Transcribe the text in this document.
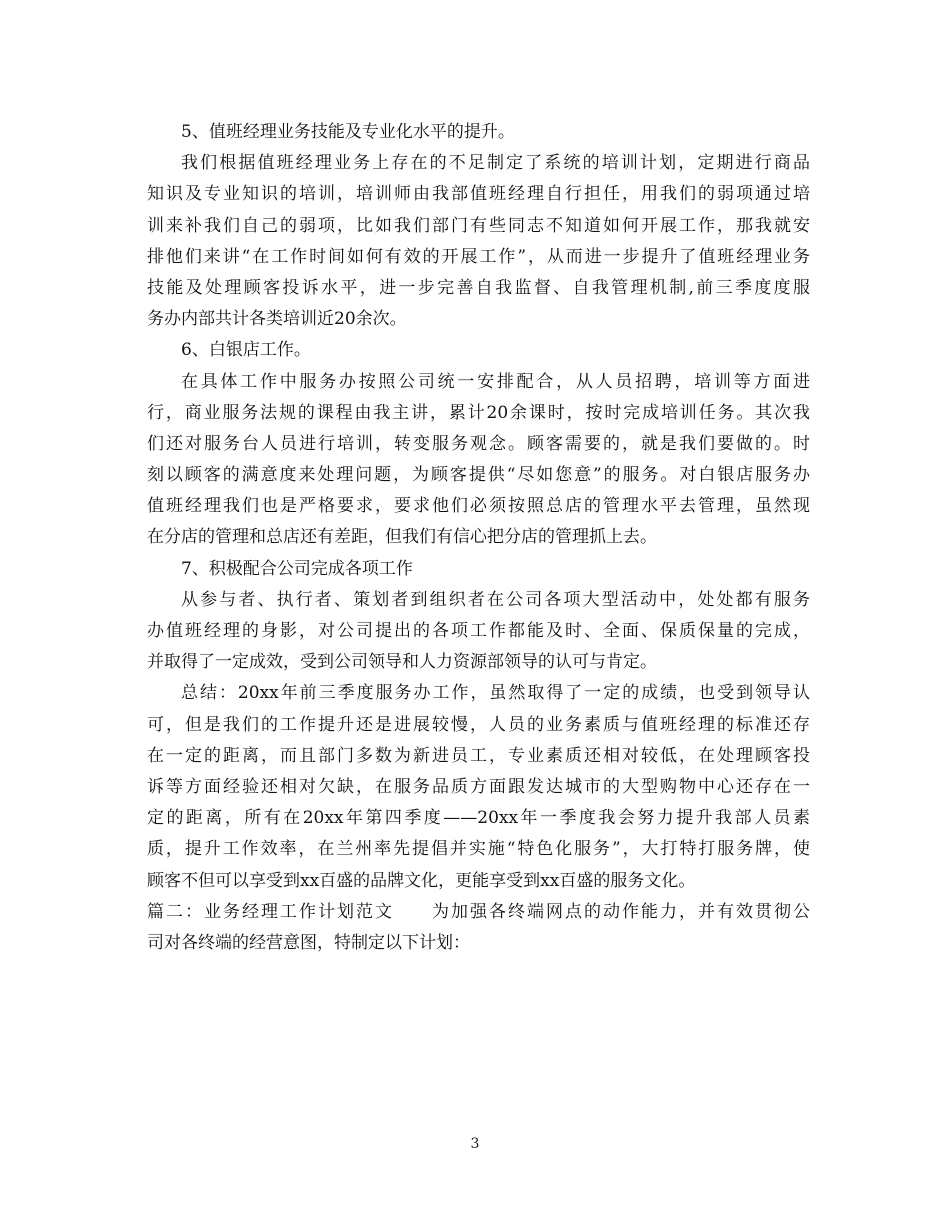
5、值班经理业务技能及专业化水平的提升。
我们根据值班经理业务上存在的不足制定了系统的培训计划，定期进行商品
知识及专业知识的培训，培训师由我部值班经理自行担任，用我们的弱项通过培
训来补我们自己的弱项，比如我们部门有些同志不知道如何开展工作，那我就安
排他们来讲“在工作时间如何有效的开展工作”，从而进一步提升了值班经理业务
技能及处理顾客投诉水平，进一步完善自我监督、自我管理机制,前三季度度服
务办内部共计各类培训近20余次。
6、白银店工作。
在具体工作中服务办按照公司统一安排配合，从人员招聘，培训等方面进
行，商业服务法规的课程由我主讲，累计20余课时，按时完成培训任务。其次我
们还对服务台人员进行培训，转变服务观念。顾客需要的，就是我们要做的。时
刻以顾客的满意度来处理问题，为顾客提供“尽如您意”的服务。对白银店服务办
值班经理我们也是严格要求，要求他们必须按照总店的管理水平去管理，虽然现
在分店的管理和总店还有差距，但我们有信心把分店的管理抓上去。
7、积极配合公司完成各项工作
从参与者、执行者、策划者到组织者在公司各项大型活动中，处处都有服务
办值班经理的身影，对公司提出的各项工作都能及时、全面、保质保量的完成，
并取得了一定成效，受到公司领导和人力资源部领导的认可与肯定。
总结：20xx年前三季度服务办工作，虽然取得了一定的成绩，也受到领导认
可，但是我们的工作提升还是进展较慢，人员的业务素质与值班经理的标准还存
在一定的距离，而且部门多数为新进员工，专业素质还相对较低，在处理顾客投
诉等方面经验还相对欠缺，在服务品质方面跟发达城市的大型购物中心还存在一
定的距离，所有在20xx年第四季度——20xx年一季度我会努力提升我部人员素
质，提升工作效率，在兰州率先提倡并实施“特色化服务”，大打特打服务牌，使
顾客不但可以享受到xx百盛的品牌文化，更能享受到xx百盛的服务文化。
篇二：业务经理工作计划范文　　为加强各终端网点的动作能力，并有效贯彻公
司对各终端的经营意图，特制定以下计划：
3
